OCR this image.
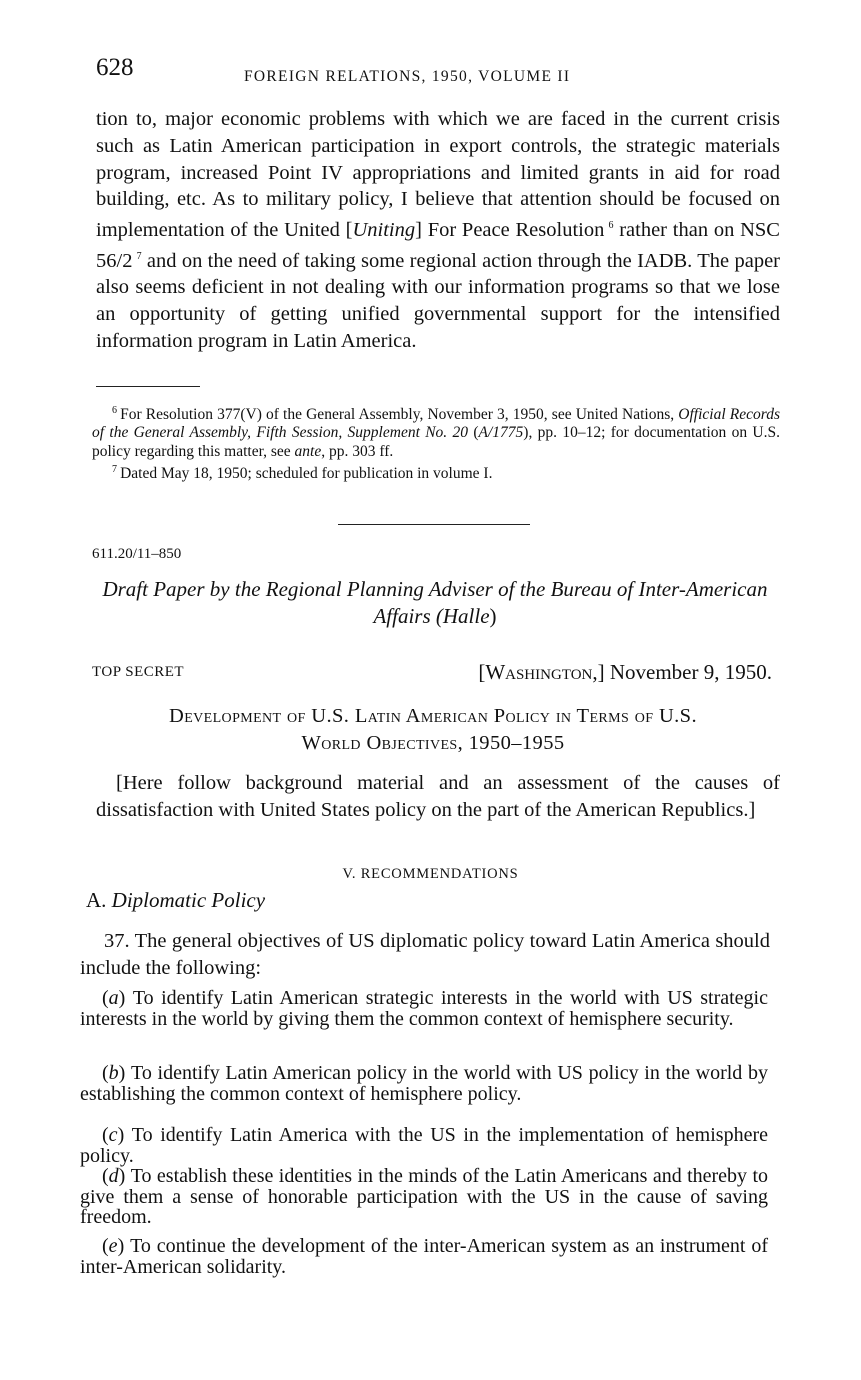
628	FOREIGN RELATIONS, 1950, VOLUME II

tion to, major economic problems with which we are faced in the current crisis such as Latin American participation in export controls, the strategic materials program, increased Point IV appropriations and limited grants in aid for road building, etc. As to military policy, I believe that attention should be focused on implementation of the United [Uniting] For Peace Resolution  $^6$ rather than on NSC 56/2  $^7$ and on the need of taking some regional action through the IADB. The paper also seems deficient in not dealing with our information programs so that we lose an opportunity of getting unified governmental support for the intensified information program in Latin America.

$^6$  For Resolution 377(V) of the General Assembly, November 3, 1950, see United Nations, Official Records of the General Assembly, Fifth Session, Supplement No. 20 (A/1775), pp. 10–12; for documentation on U.S. policy regarding this matter, see ante, pp. 303 ff.

$^7$  Dated May 18, 1950; scheduled for publication in volume I.

611.20/11–850

Draft Paper by the Regional Planning Adviser of the Bureau of Inter-American Affairs (Halle)

TOP SECRET	[Washington,] November 9, 1950.

Development of U.S. Latin American Policy in Terms of U.S.
World Objectives, 1950–1955

[Here follow background material and an assessment of the causes of dissatisfaction with United States policy on the part of the American Republics.]

V. RECOMMENDATIONS
A. Diplomatic Policy

37. The general objectives of US diplomatic policy toward Latin America should include the following:

(a) To identify Latin American strategic interests in the world with US strategic interests in the world by giving them the common context of hemisphere security.

(b) To identify Latin American policy in the world with US policy in the world by establishing the common context of hemisphere policy.

(c) To identify Latin America with the US in the implementation of hemisphere policy.

(d) To establish these identities in the minds of the Latin Americans and thereby to give them a sense of honorable participation with the US in the cause of saving freedom.

(e) To continue the development of the inter-American system as an instrument of inter-American solidarity.
